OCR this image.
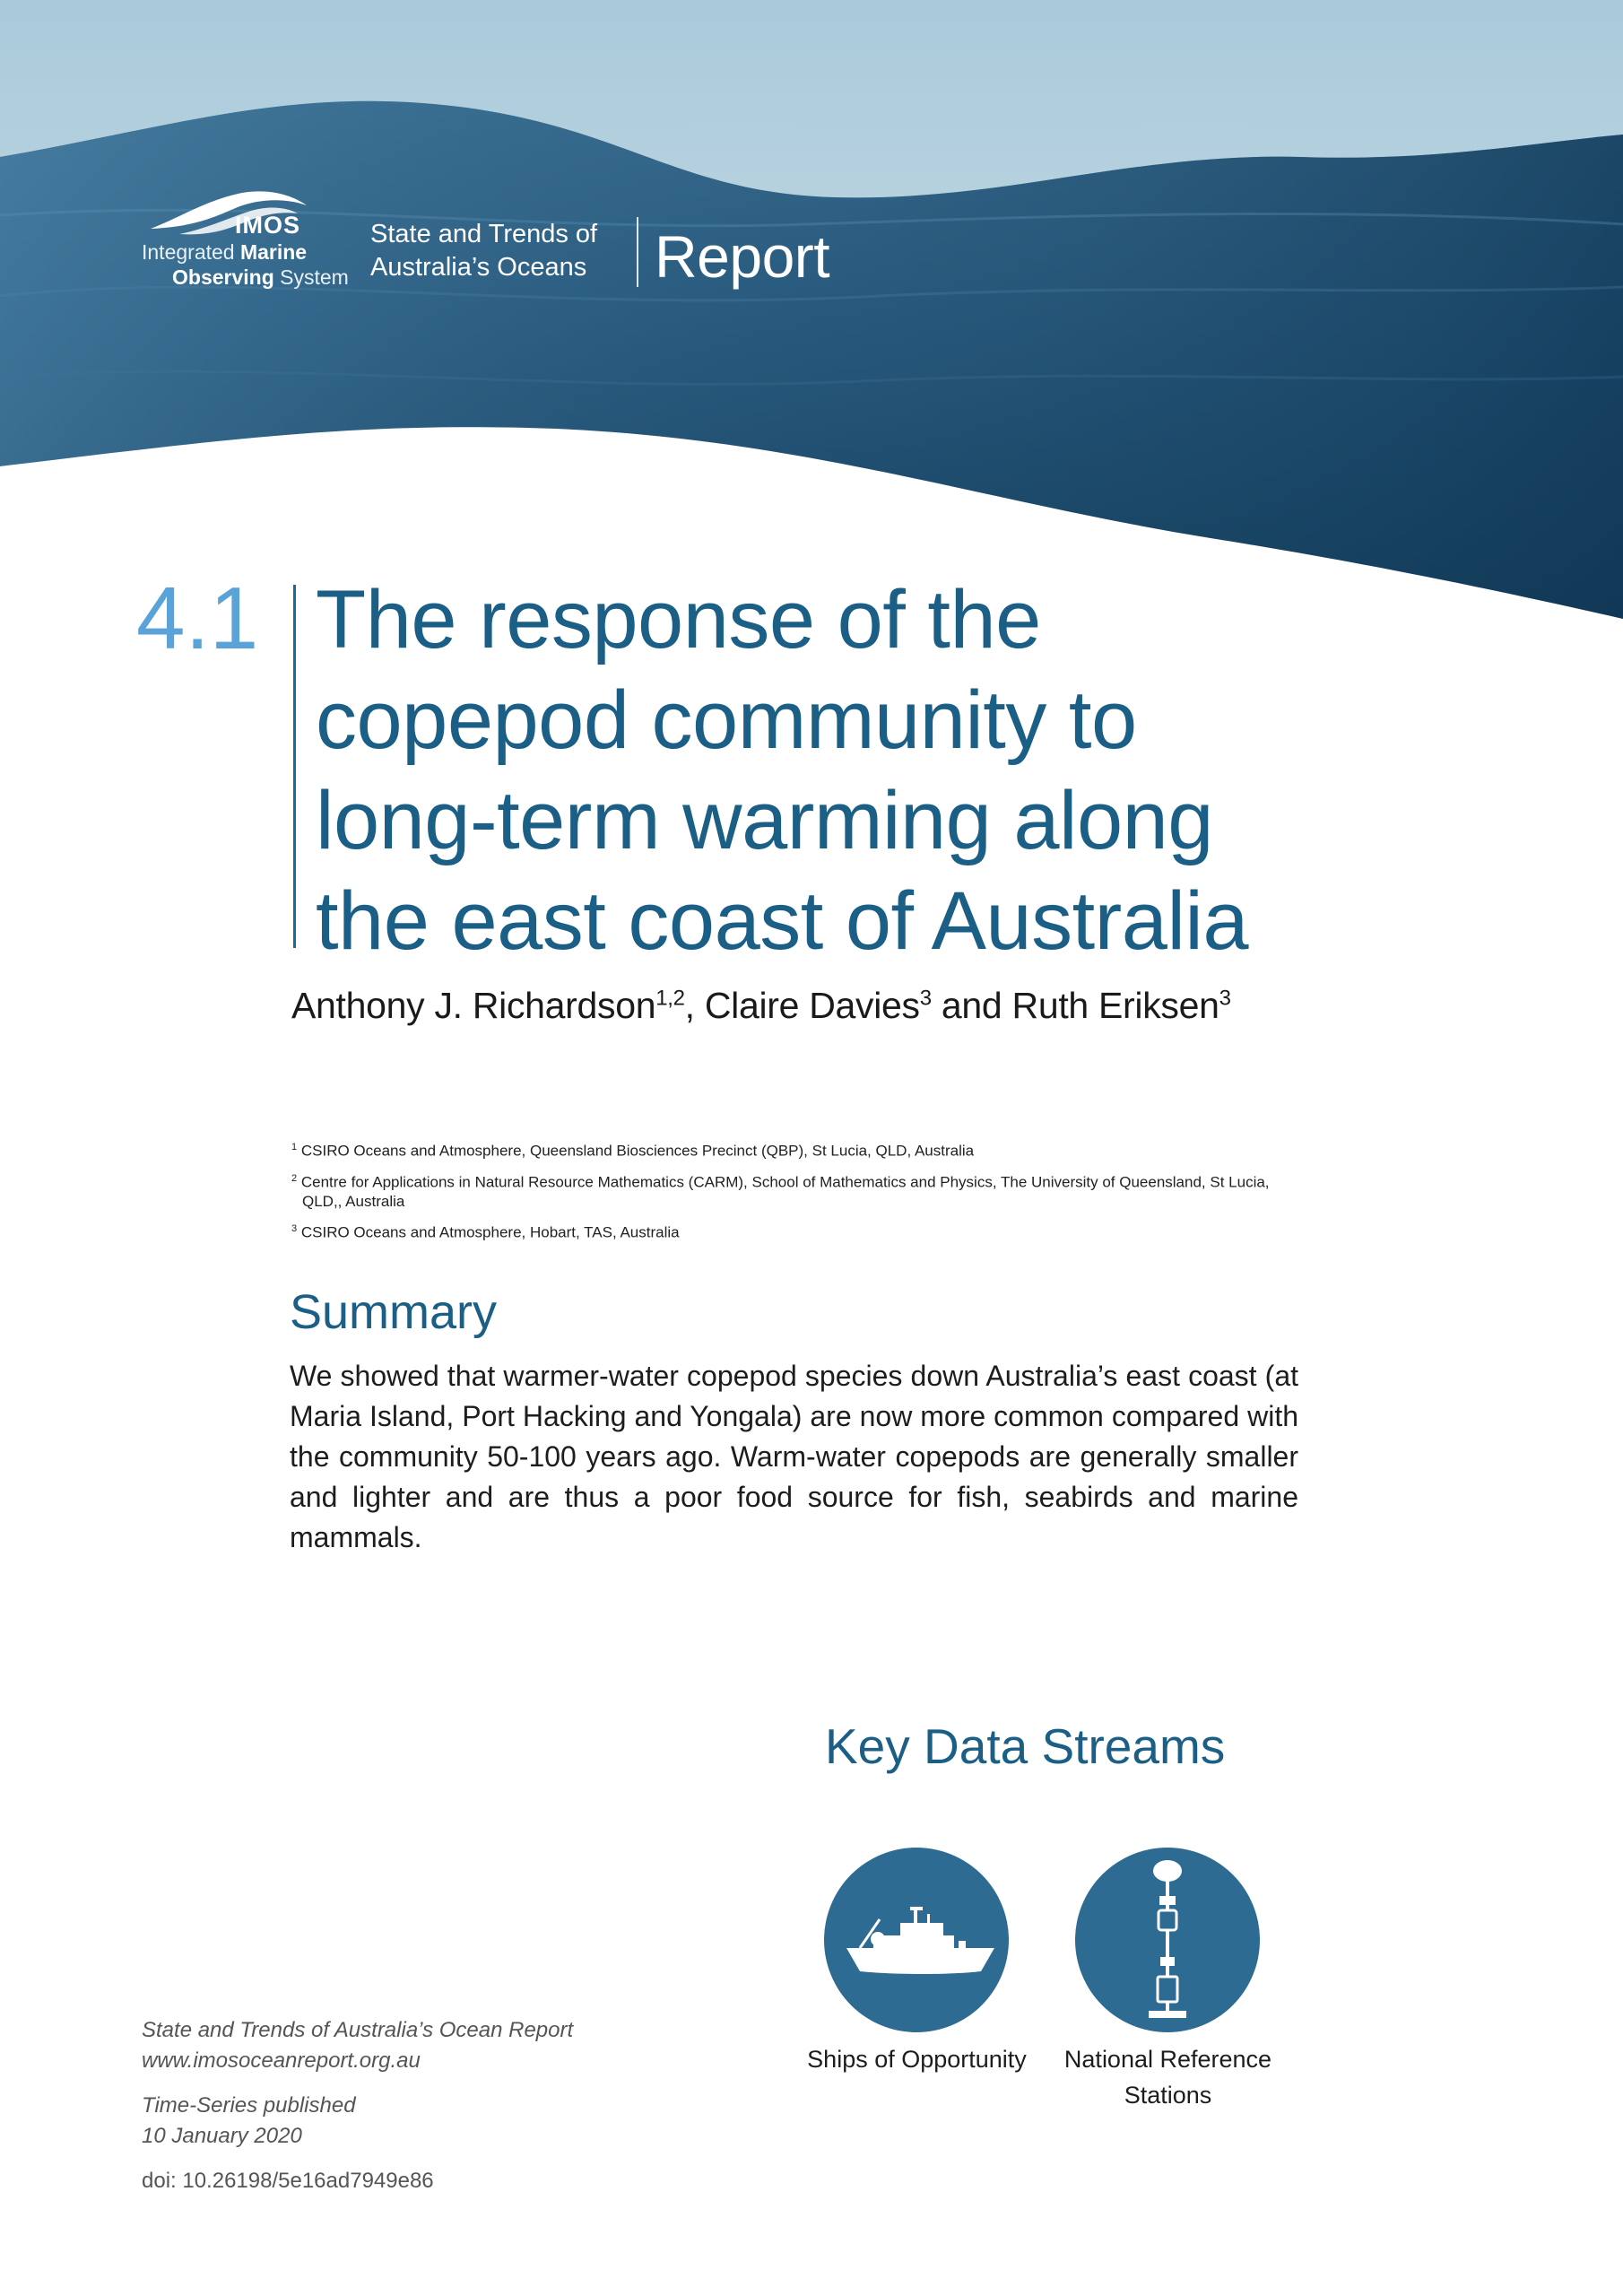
IMOS
Integrated Marine
Observing System
State and Trends of Australia’s Oceans	Report
4.1 The response of the copepod community to long-term warming along the east coast of Australia
Anthony J. Richardson$^{1,2}$, Claire Davies$^3$ and Ruth Eriksen$^3$
$^1$ CSIRO Oceans and Atmosphere, Queensland Biosciences Precinct (QBP), St Lucia, QLD, Australia
$^2$ Centre for Applications in Natural Resource Mathematics (CARM), School of Mathematics and Physics, The University of Queensland, St Lucia, QLD,, Australia
$^3$ CSIRO Oceans and Atmosphere, Hobart, TAS, Australia
Summary

We showed that warmer-water copepod species down Australia’s east coast (at Maria Island, Port Hacking and Yongala) are now more common compared with the community 50-100 years ago. Warm-water copepods are generally smaller and lighter and are thus a poor food source for fish, seabirds and marine mammals.

Key Data Streams
Ships of Opportunity	National Reference Stations
State and Trends of Australia’s Ocean Report
www.imosoceanreport.org.au
Time-Series published
10 January 2020
doi: 10.26198/5e16ad7949e86
